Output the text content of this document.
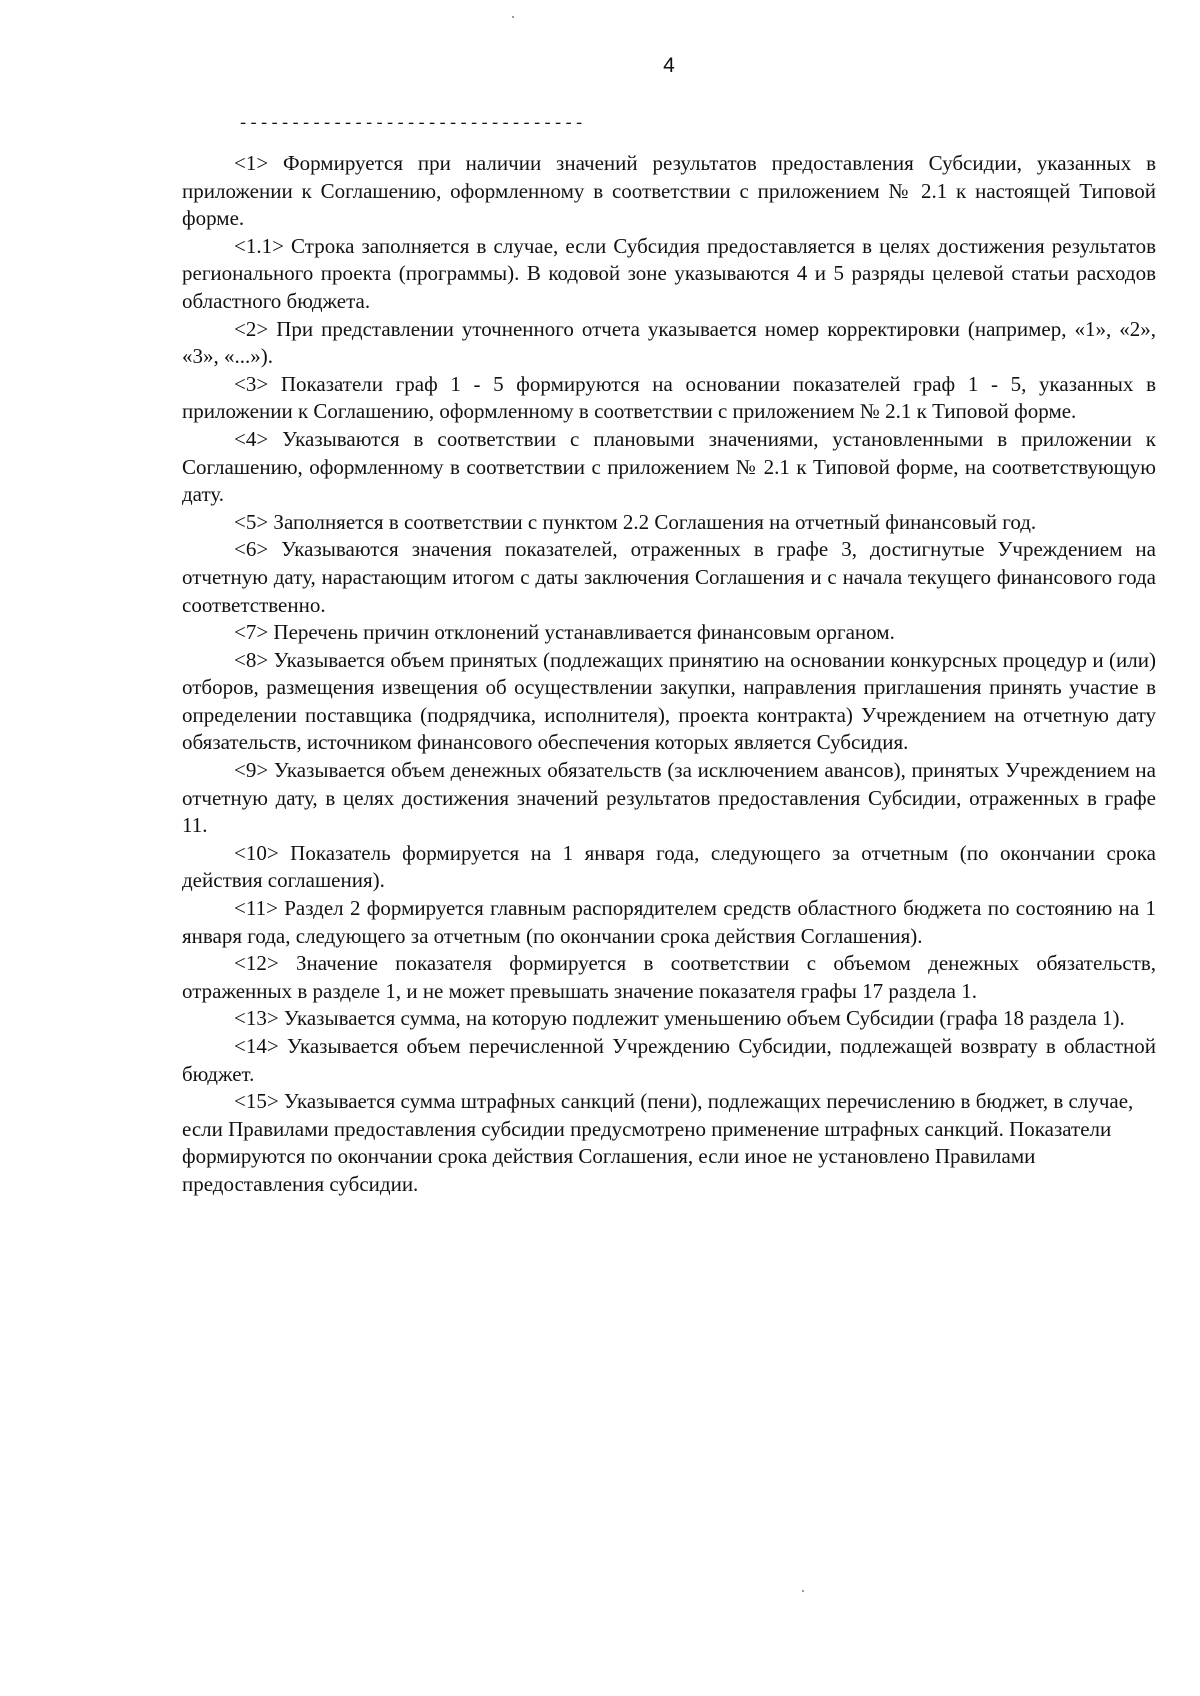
4
---------------------------------

<1> Формируется при наличии значений результатов предоставления Субсидии, указанных в приложении к Соглашению, оформленному в соответствии с приложением № 2.1 к настоящей Типовой форме.

<1.1> Строка заполняется в случае, если Субсидия предоставляется в целях достижения результатов регионального проекта (программы). В кодовой зоне указываются 4 и 5 разряды целевой статьи расходов областного бюджета.

<2> При представлении уточненного отчета указывается номер корректировки (например, «1», «2», «3», «...»).

<3> Показатели граф 1 - 5 формируются на основании показателей граф 1 - 5, указанных в приложении к Соглашению, оформленному в соответствии с приложением № 2.1 к Типовой форме.

<4> Указываются в соответствии с плановыми значениями, установленными в приложении к Соглашению, оформленному в соответствии с приложением № 2.1 к Типовой форме, на соответствующую дату.

<5> Заполняется в соответствии с пунктом 2.2 Соглашения на отчетный финансовый год.

<6> Указываются значения показателей, отраженных в графе 3, достигнутые Учреждением на отчетную дату, нарастающим итогом с даты заключения Соглашения и с начала текущего финансового года соответственно.

<7> Перечень причин отклонений устанавливается финансовым органом.

<8> Указывается объем принятых (подлежащих принятию на основании конкурсных процедур и (или) отборов, размещения извещения об осуществлении закупки, направления приглашения принять участие в определении поставщика (подрядчика, исполнителя), проекта контракта) Учреждением на отчетную дату обязательств, источником финансового обеспечения которых является Субсидия.

<9> Указывается объем денежных обязательств (за исключением авансов), принятых Учреждением на отчетную дату, в целях достижения значений результатов предоставления Субсидии, отраженных в графе 11.

<10> Показатель формируется на 1 января года, следующего за отчетным (по окончании срока действия соглашения).

<11> Раздел 2 формируется главным распорядителем средств областного бюджета по состоянию на 1 января года, следующего за отчетным (по окончании срока действия Соглашения).

<12> Значение показателя формируется в соответствии с объемом денежных обязательств, отраженных в разделе 1, и не может превышать значение показателя графы 17 раздела 1.

<13> Указывается сумма, на которую подлежит уменьшению объем Субсидии (графа 18 раздела 1).

<14> Указывается объем перечисленной Учреждению Субсидии, подлежащей возврату в областной бюджет.

<15> Указывается сумма штрафных санкций (пени), подлежащих перечислению в бюджет, в случае, если Правилами предоставления субсидии предусмотрено применение штрафных санкций. Показатели формируются по окончании срока действия Соглашения, если иное не установлено Правилами предоставления субсидии.
